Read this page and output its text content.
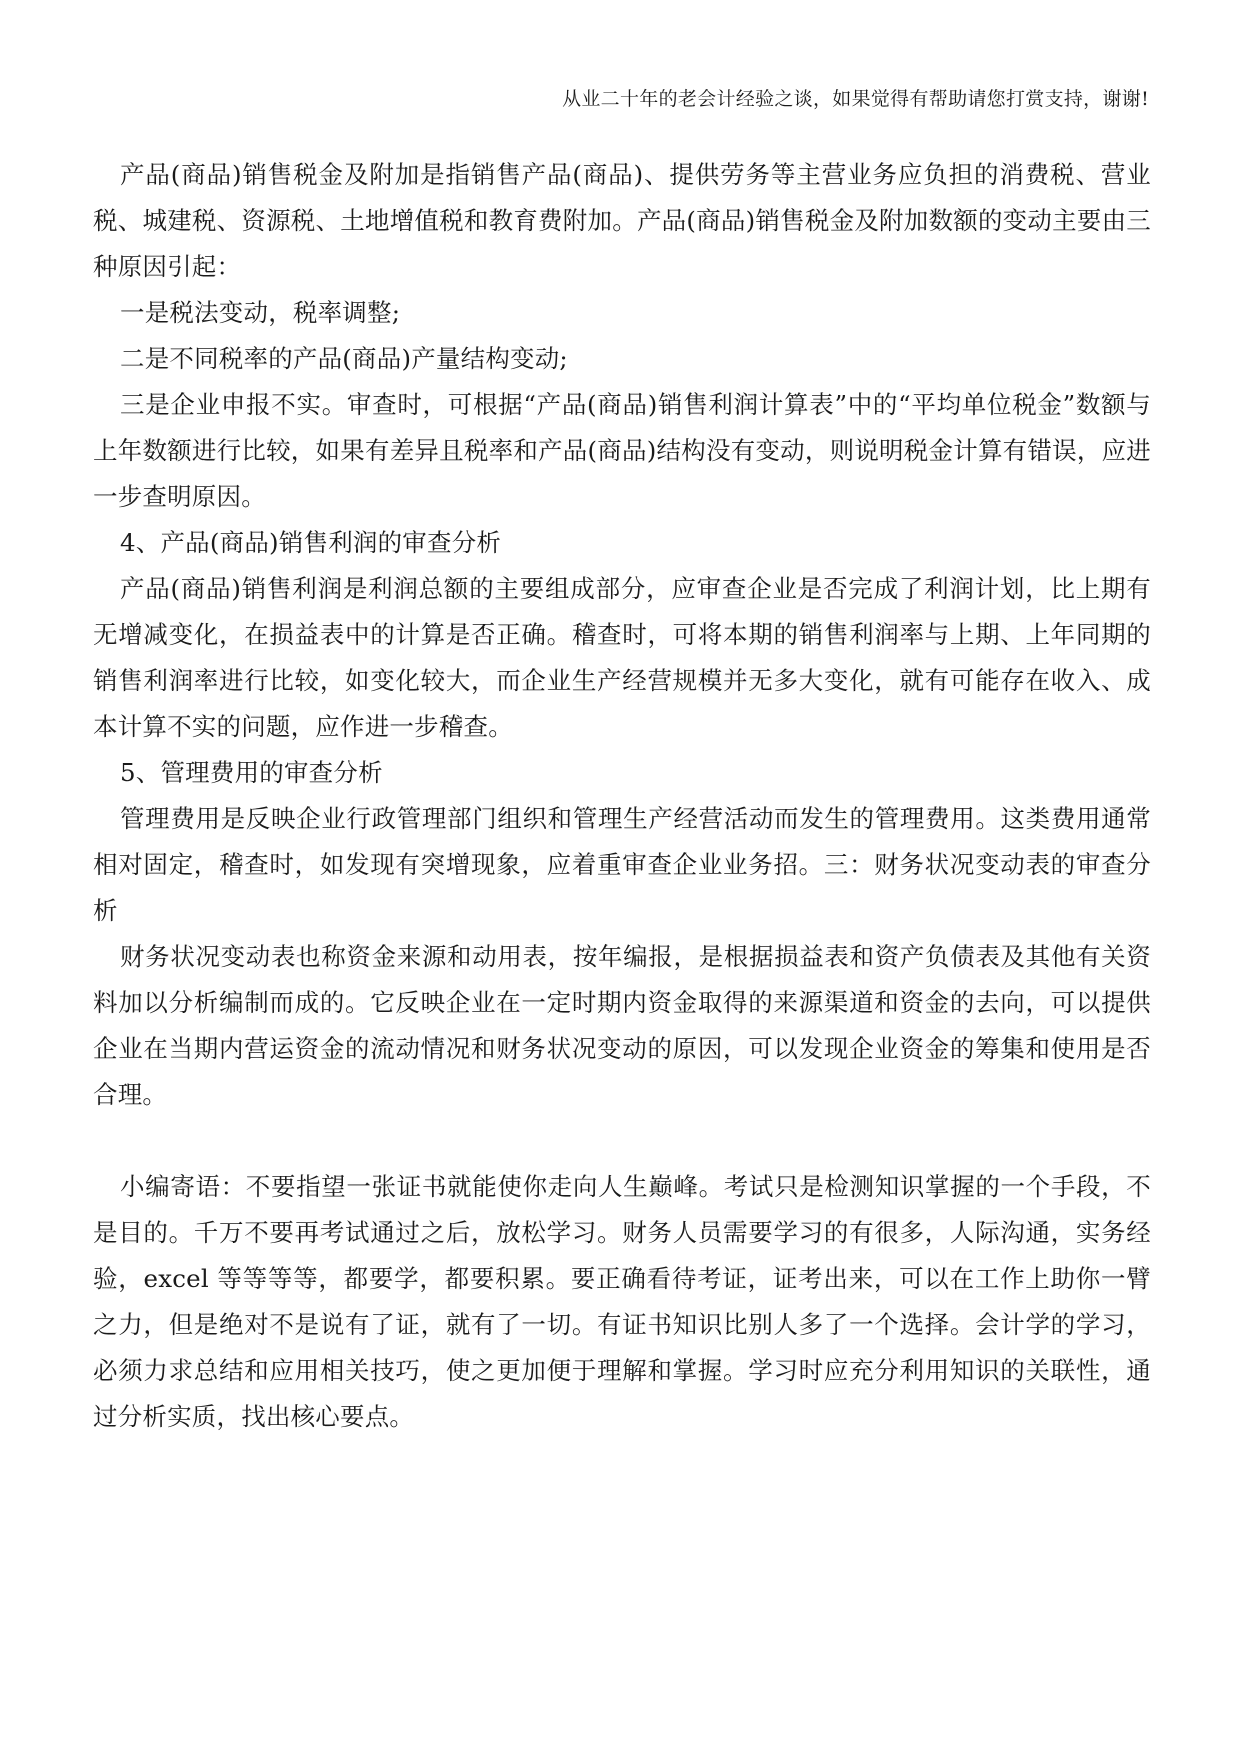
从业二十年的老会计经验之谈，如果觉得有帮助请您打赏支持，谢谢!

产品(商品)销售税金及附加是指销售产品(商品)、提供劳务等主营业务应负担的消费税、营业税、城建税、资源税、土地增值税和教育费附加。产品(商品)销售税金及附加数额的变动主要由三种原因引起：

一是税法变动，税率调整;

二是不同税率的产品(商品)产量结构变动;

三是企业申报不实。审查时，可根据“产品(商品)销售利润计算表”中的“平均单位税金”数额与上年数额进行比较，如果有差异且税率和产品(商品)结构没有变动，则说明税金计算有错误，应进一步查明原因。

4、产品(商品)销售利润的审查分析

产品(商品)销售利润是利润总额的主要组成部分，应审查企业是否完成了利润计划，比上期有无增减变化，在损益表中的计算是否正确。稽查时，可将本期的销售利润率与上期、上年同期的销售利润率进行比较，如变化较大，而企业生产经营规模并无多大变化，就有可能存在收入、成本计算不实的问题，应作进一步稽查。

5、管理费用的审查分析

管理费用是反映企业行政管理部门组织和管理生产经营活动而发生的管理费用。这类费用通常相对固定，稽查时，如发现有突增现象，应着重审查企业业务招。三：财务状况变动表的审查分析

财务状况变动表也称资金来源和动用表，按年编报，是根据损益表和资产负债表及其他有关资料加以分析编制而成的。它反映企业在一定时期内资金取得的来源渠道和资金的去向，可以提供企业在当期内营运资金的流动情况和财务状况变动的原因，可以发现企业资金的筹集和使用是否合理。

小编寄语：不要指望一张证书就能使你走向人生巅峰。考试只是检测知识掌握的一个手段，不是目的。千万不要再考试通过之后，放松学习。财务人员需要学习的有很多，人际沟通，实务经验，excel 等等等等，都要学，都要积累。要正确看待考证，证考出来，可以在工作上助你一臂之力，但是绝对不是说有了证，就有了一切。有证书知识比别人多了一个选择。会计学的学习，必须力求总结和应用相关技巧，使之更加便于理解和掌握。学习时应充分利用知识的关联性，通过分析实质，找出核心要点。
